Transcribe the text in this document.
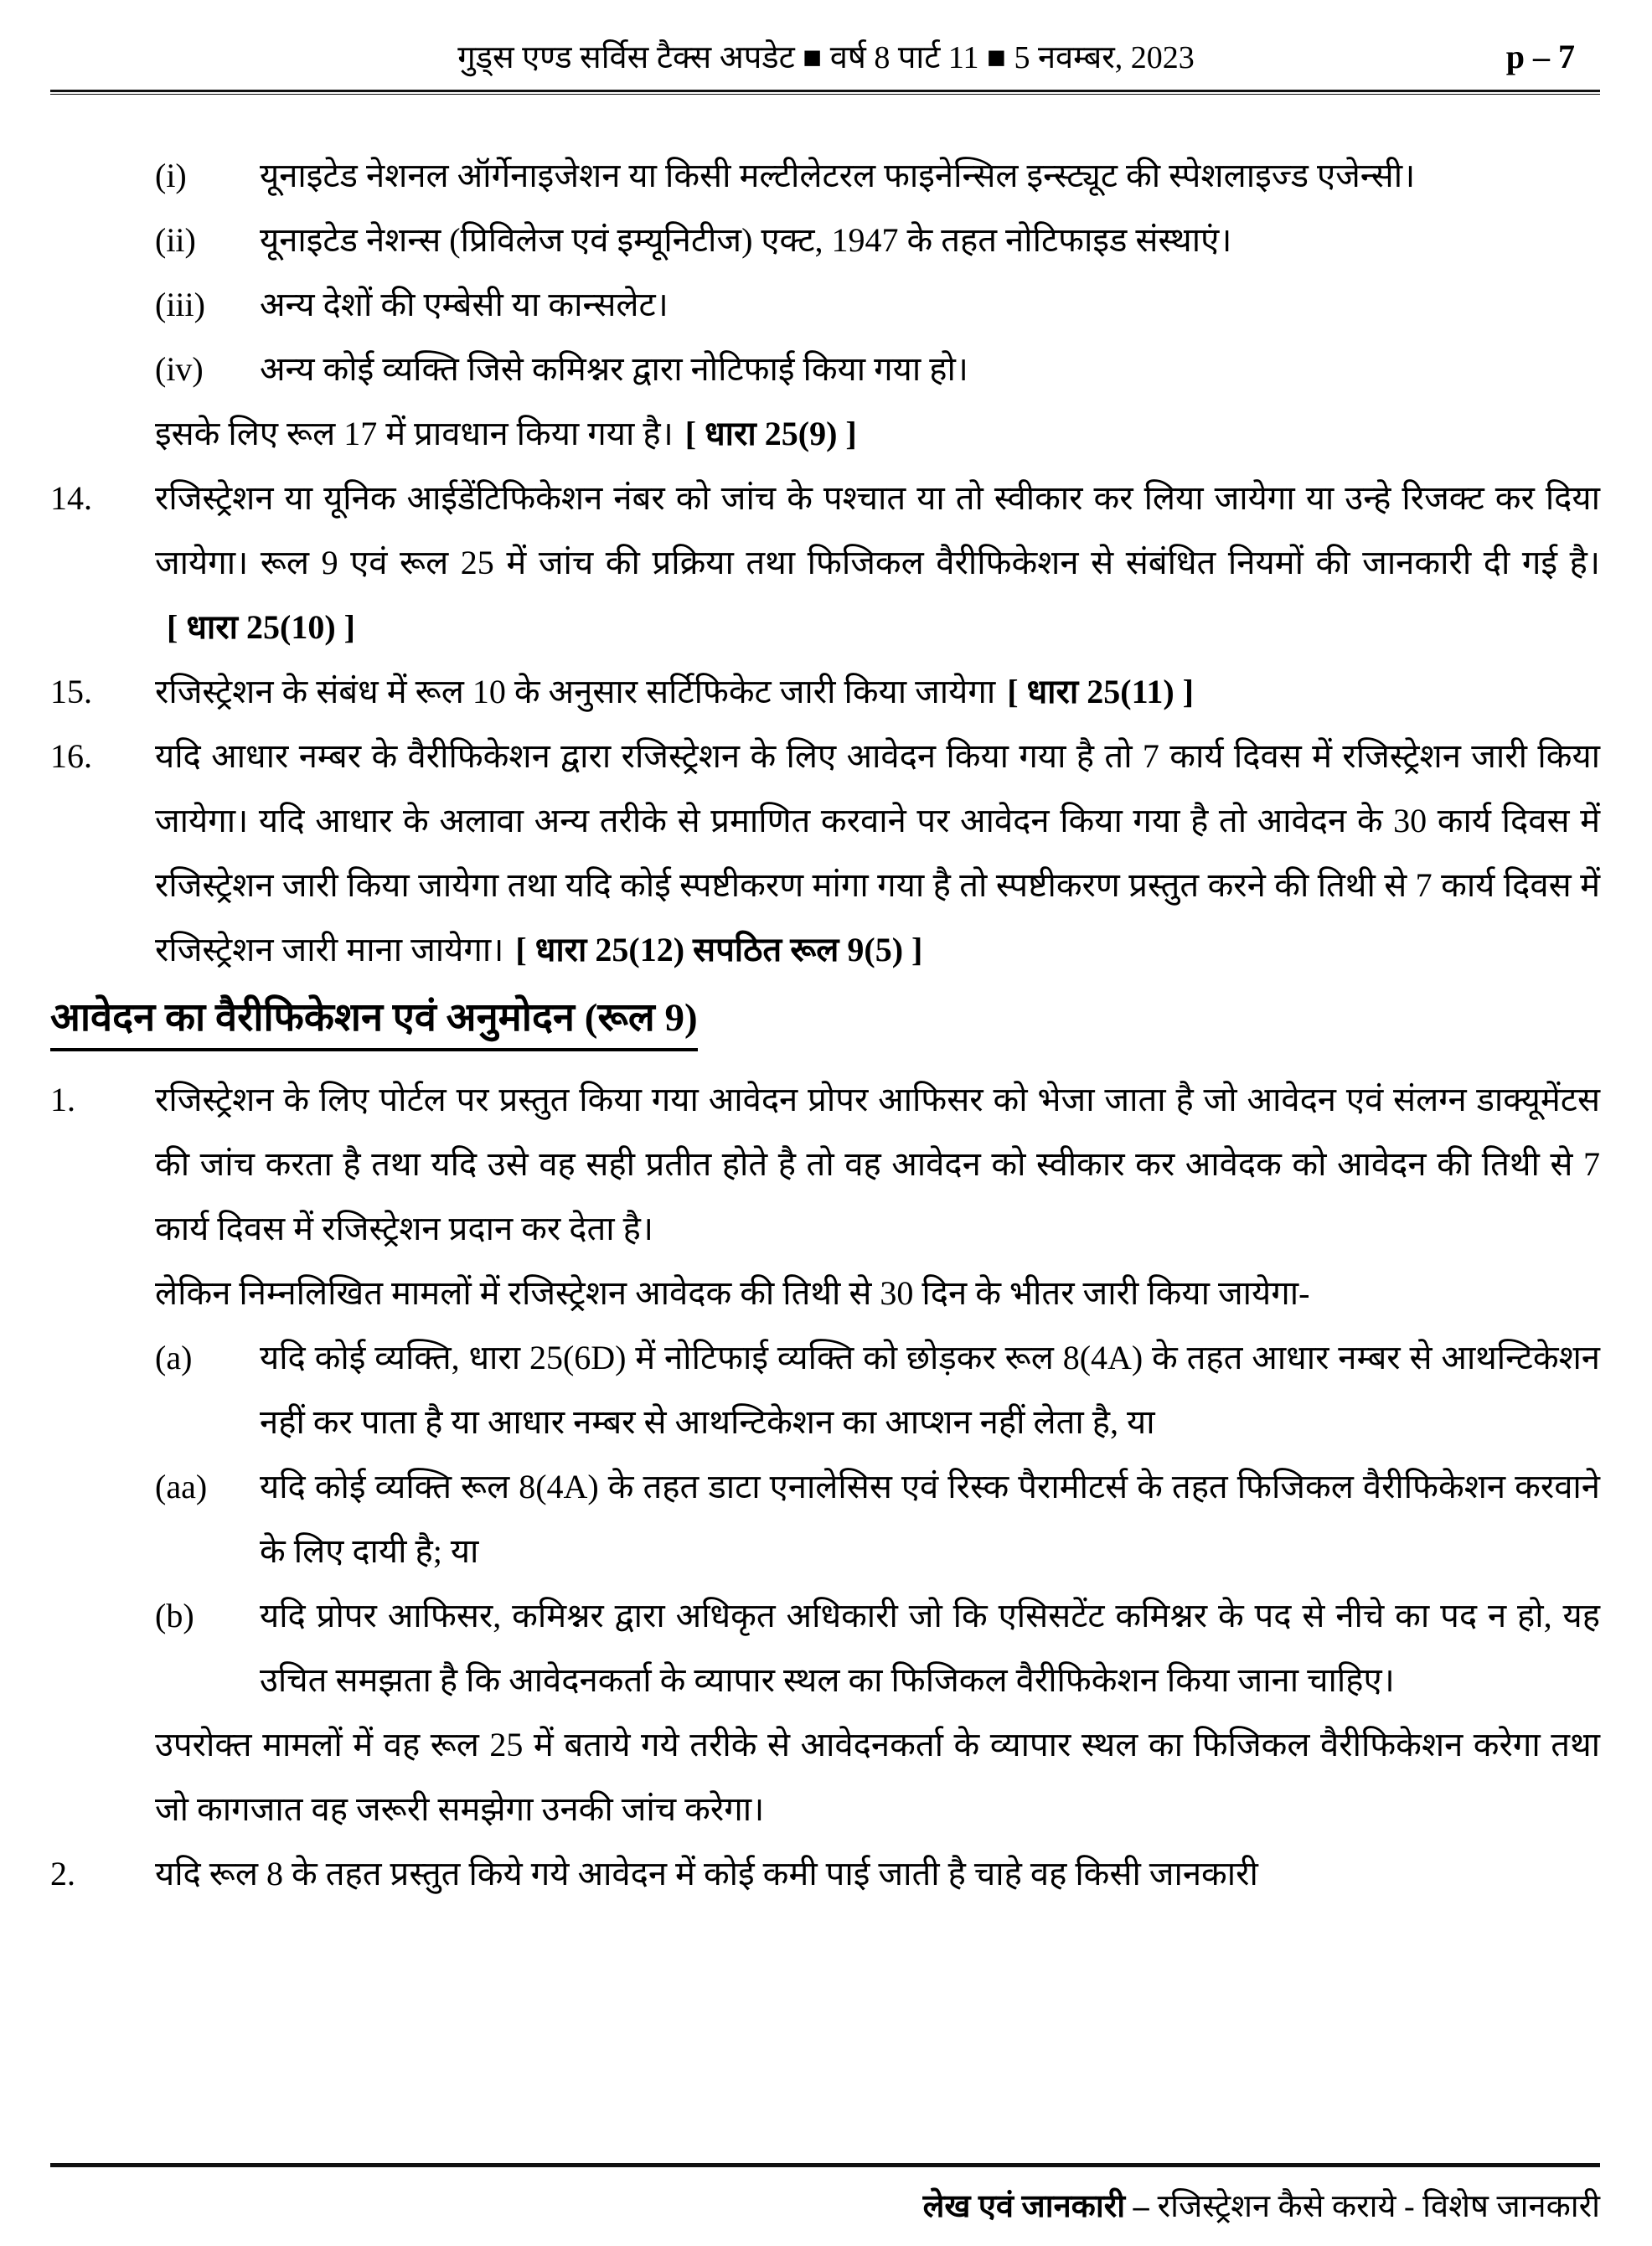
गुड्स एण्ड सर्विस टैक्स अपडेट ■ वर्ष 8 पार्ट 11 ■ 5 नवम्बर, 2023	p – 7
(i) यूनाइटेड नेशनल ऑर्गेनाइजेशन या किसी मल्टीलेटरल फाइनेन्सिल इन्स्ट्यूट की स्पेशलाइज्ड एजेन्सी।
(ii) यूनाइटेड नेशन्स (प्रिविलेज एवं इम्यूनिटीज) एक्ट, 1947 के तहत नोटिफाइड संस्थाएं।
(iii) अन्य देशों की एम्बेसी या कान्सलेट।
(iv) अन्य कोई व्यक्ति जिसे कमिश्नर द्वारा नोटिफाई किया गया हो।
इसके लिए रूल 17 में प्रावधान किया गया है। [ धारा 25(9) ]
14. रजिस्ट्रेशन या यूनिक आईडेंटिफिकेशन नंबर को जांच के पश्चात या तो स्वीकार कर लिया जायेगा या उन्हे रिजक्ट कर दिया जायेगा। रूल 9 एवं रूल 25 में जांच की प्रक्रिया तथा फिजिकल वैरीफिकेशन से संबंधित नियमों की जानकारी दी गई है।[ धारा 25(10) ]
15. रजिस्ट्रेशन के संबंध में रूल 10 के अनुसार सर्टिफिकेट जारी किया जायेगा [ धारा 25(11) ]
16. यदि आधार नम्बर के वैरीफिकेशन द्वारा रजिस्ट्रेशन के लिए आवेदन किया गया है तो 7 कार्य दिवस में रजिस्ट्रेशन जारी किया जायेगा। यदि आधार के अलावा अन्य तरीके से प्रमाणित करवाने पर आवेदन किया गया है तो आवेदन के 30 कार्य दिवस में रजिस्ट्रेशन जारी किया जायेगा तथा यदि कोई स्पष्टीकरण मांगा गया है तो स्पष्टीकरण प्रस्तुत करने की तिथी से 7 कार्य दिवस में रजिस्ट्रेशन जारी माना जायेगा। [ धारा 25(12) सपठित रूल 9(5) ]
आवेदन का वैरीफिकेशन एवं अनुमोदन (रूल 9)
1. रजिस्ट्रेशन के लिए पोर्टल पर प्रस्तुत किया गया आवेदन प्रोपर आफिसर को भेजा जाता है जो आवेदन एवं संलग्न डाक्यूमेंटस की जांच करता है तथा यदि उसे वह सही प्रतीत होते है तो वह आवेदन को स्वीकार कर आवेदक को आवेदन की तिथी से 7 कार्य दिवस में रजिस्ट्रेशन प्रदान कर देता है।
लेकिन निम्नलिखित मामलों में रजिस्ट्रेशन आवेदक की तिथी से 30 दिन के भीतर जारी किया जायेगा-
(a) यदि कोई व्यक्ति, धारा 25(6D) में नोटिफाई व्यक्ति को छोड़कर रूल 8(4A) के तहत आधार नम्बर से आथन्टिकेशन नहीं कर पाता है या आधार नम्बर से आथन्टिकेशन का आप्शन नहीं लेता है, या
(aa) यदि कोई व्यक्ति रूल 8(4A) के तहत डाटा एनालेसिस एवं रिस्क पैरामीटर्स के तहत फिजिकल वैरीफिकेशन करवाने के लिए दायी है; या
(b) यदि प्रोपर आफिसर, कमिश्नर द्वारा अधिकृत अधिकारी जो कि एसिसटेंट कमिश्नर के पद से नीचे का पद न हो, यह उचित समझता है कि आवेदनकर्ता के व्यापार स्थल का फिजिकल वैरीफिकेशन किया जाना चाहिए।
उपरोक्त मामलों में वह रूल 25 में बताये गये तरीके से आवेदनकर्ता के व्यापार स्थल का फिजिकल वैरीफिकेशन करेगा तथा जो कागजात वह जरूरी समझेगा उनकी जांच करेगा।
2. यदि रूल 8 के तहत प्रस्तुत किये गये आवेदन में कोई कमी पाई जाती है चाहे वह किसी जानकारी
लेख एवं जानकारी – रजिस्ट्रेशन कैसे कराये - विशेष जानकारी
